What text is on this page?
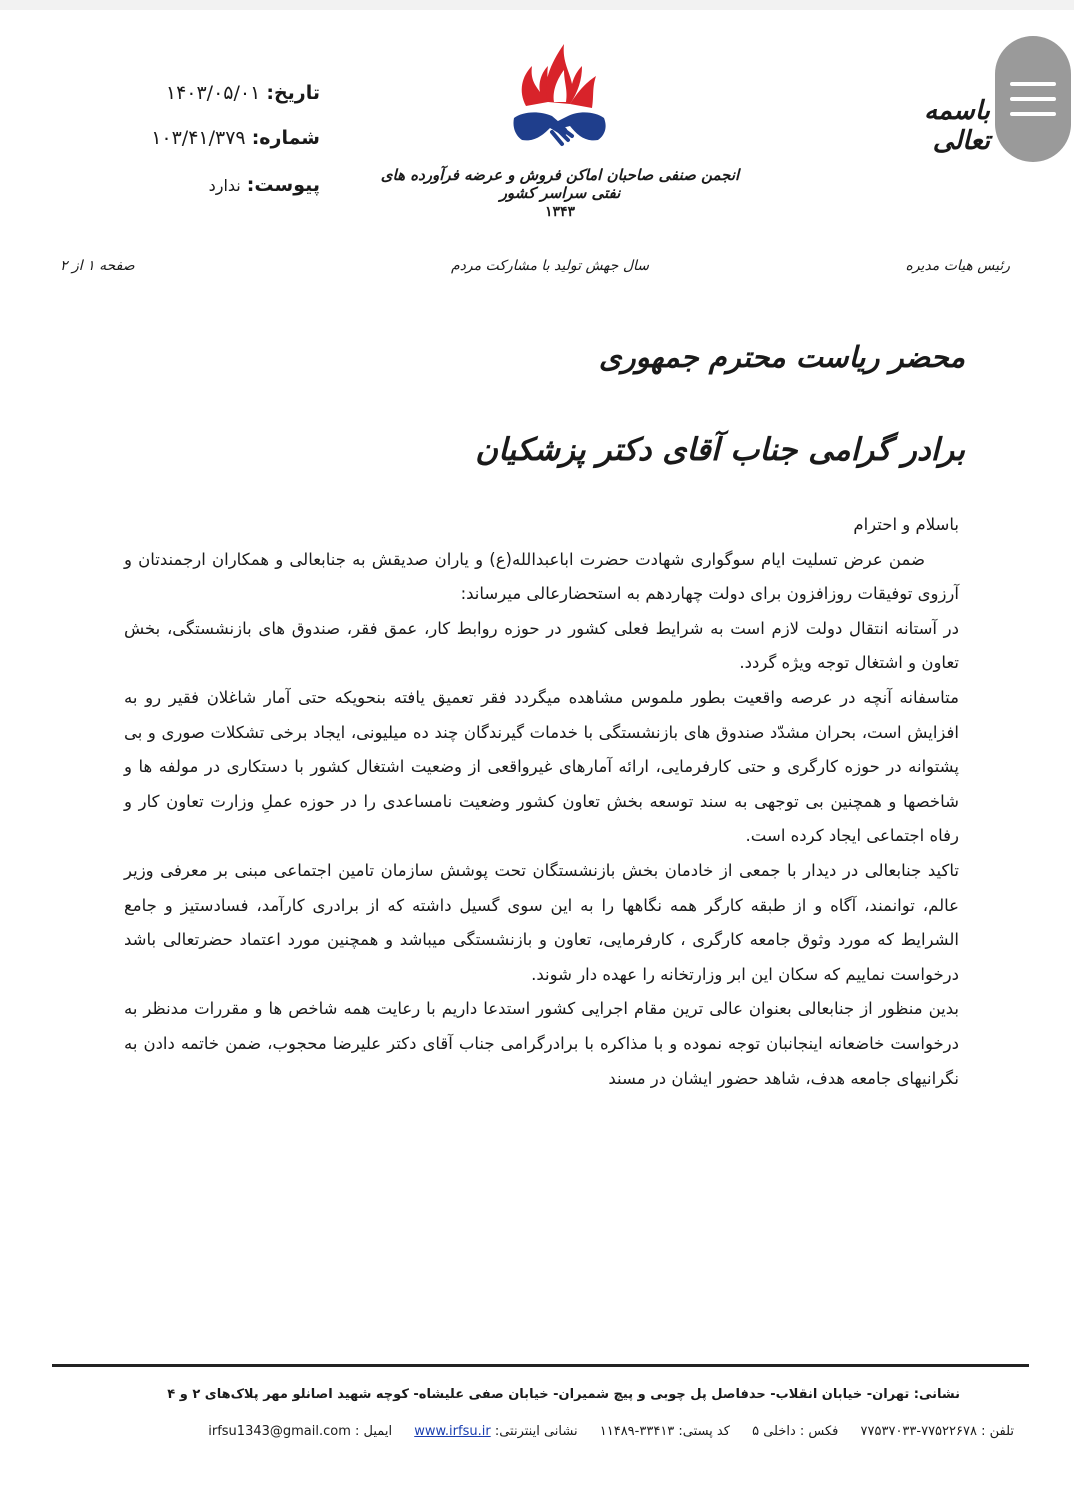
باسمه تعالی
انجمن صنفی صاحبان اماکن فروش و عرضه فرآورده های نفتی سراسر کشور
۱۳۴۳
تاریخ: ۱۴۰۳/۰۵/۰۱
شماره: ۱۰۳/۴۱/۳۷۹
پیوست: ندارد
رئیس هیات مدیره
سال جهش تولید با مشارکت مردم
صفحه ۱ از ۲
محضر ریاست محترم جمهوری
برادر گرامی جناب آقای دکتر پزشکیان

باسلام و احترام

ضمن عرض تسلیت ایام سوگواری شهادت حضرت اباعبدالله(ع) و یاران صدیقش به جنابعالی و همکاران ارجمندتان و آرزوی توفیقات روزافزون برای دولت چهاردهم به استحضارعالی میرساند:

در آستانه انتقال دولت لازم است به شرایط فعلی کشور در حوزه روابط کار، عمق فقر، صندوق های بازنشستگی، بخش تعاون و اشتغال توجه ویژه گردد.

متاسفانه آنچه در عرصه واقعیت بطور ملموس مشاهده میگردد فقر تعمیق یافته بنحویکه حتی آمار شاغلان فقیر رو به افزایش است، بحران مشدّد صندوق های بازنشستگی با خدمات گیرندگان چند ده میلیونی، ایجاد برخی تشکلات صوری و بی پشتوانه در حوزه کارگری و حتی کارفرمایی، ارائه آمارهای غیرواقعی از وضعیت اشتغال کشور با دستکاری در مولفه ها و شاخصها و همچنین بی توجهی به سند توسعه بخش تعاون کشور وضعیت نامساعدی را در حوزه عملِ وزارت تعاون کار و رفاه اجتماعی ایجاد کرده است.

تاکید جنابعالی در دیدار با جمعی از خادمان بخش بازنشستگان تحت پوشش سازمان تامین اجتماعی مبنی بر معرفی وزیر عالم، توانمند، آگاه و از طبقه کارگر همه نگاهها را به این سوی گسیل داشته که از برادری کارآمد، فسادستیز و جامع الشرایط که مورد وثوق جامعه کارگری ، کارفرمایی، تعاون و بازنشستگی میباشد و همچنین مورد اعتماد حضرتعالی باشد درخواست نماییم که سکان این ابر وزارتخانه را عهده دار شوند.

بدین منظور از جنابعالی بعنوان عالی ترین مقام اجرایی کشور استدعا داریم با رعایت همه شاخص ها و مقررات مدنظر به درخواست خاضعانه اینجانبان توجه نموده و با مذاکره با برادرگرامی جناب آقای دکتر علیرضا محجوب، ضمن خاتمه دادن به نگرانیهای جامعه هدف، شاهد حضور ایشان در مسند

نشانی: تهران- خیابان انقلاب- حدفاصل پل چوبی و پیچ شمیران- خیابان صفی علیشاه- کوچه شهید اصانلو مهر پلاک‌های ۲ و ۴
تلفن : ۷۷۵۲۲۶۷۸-۷۷۵۳۷۰۳۳ فکس : داخلی ۵ کد پستی: ۳۳۴۱۳-۱۱۴۸۹ نشانی اینترنتی: www.irfsu.ir ایمیل : irfsu1343@gmail.com
